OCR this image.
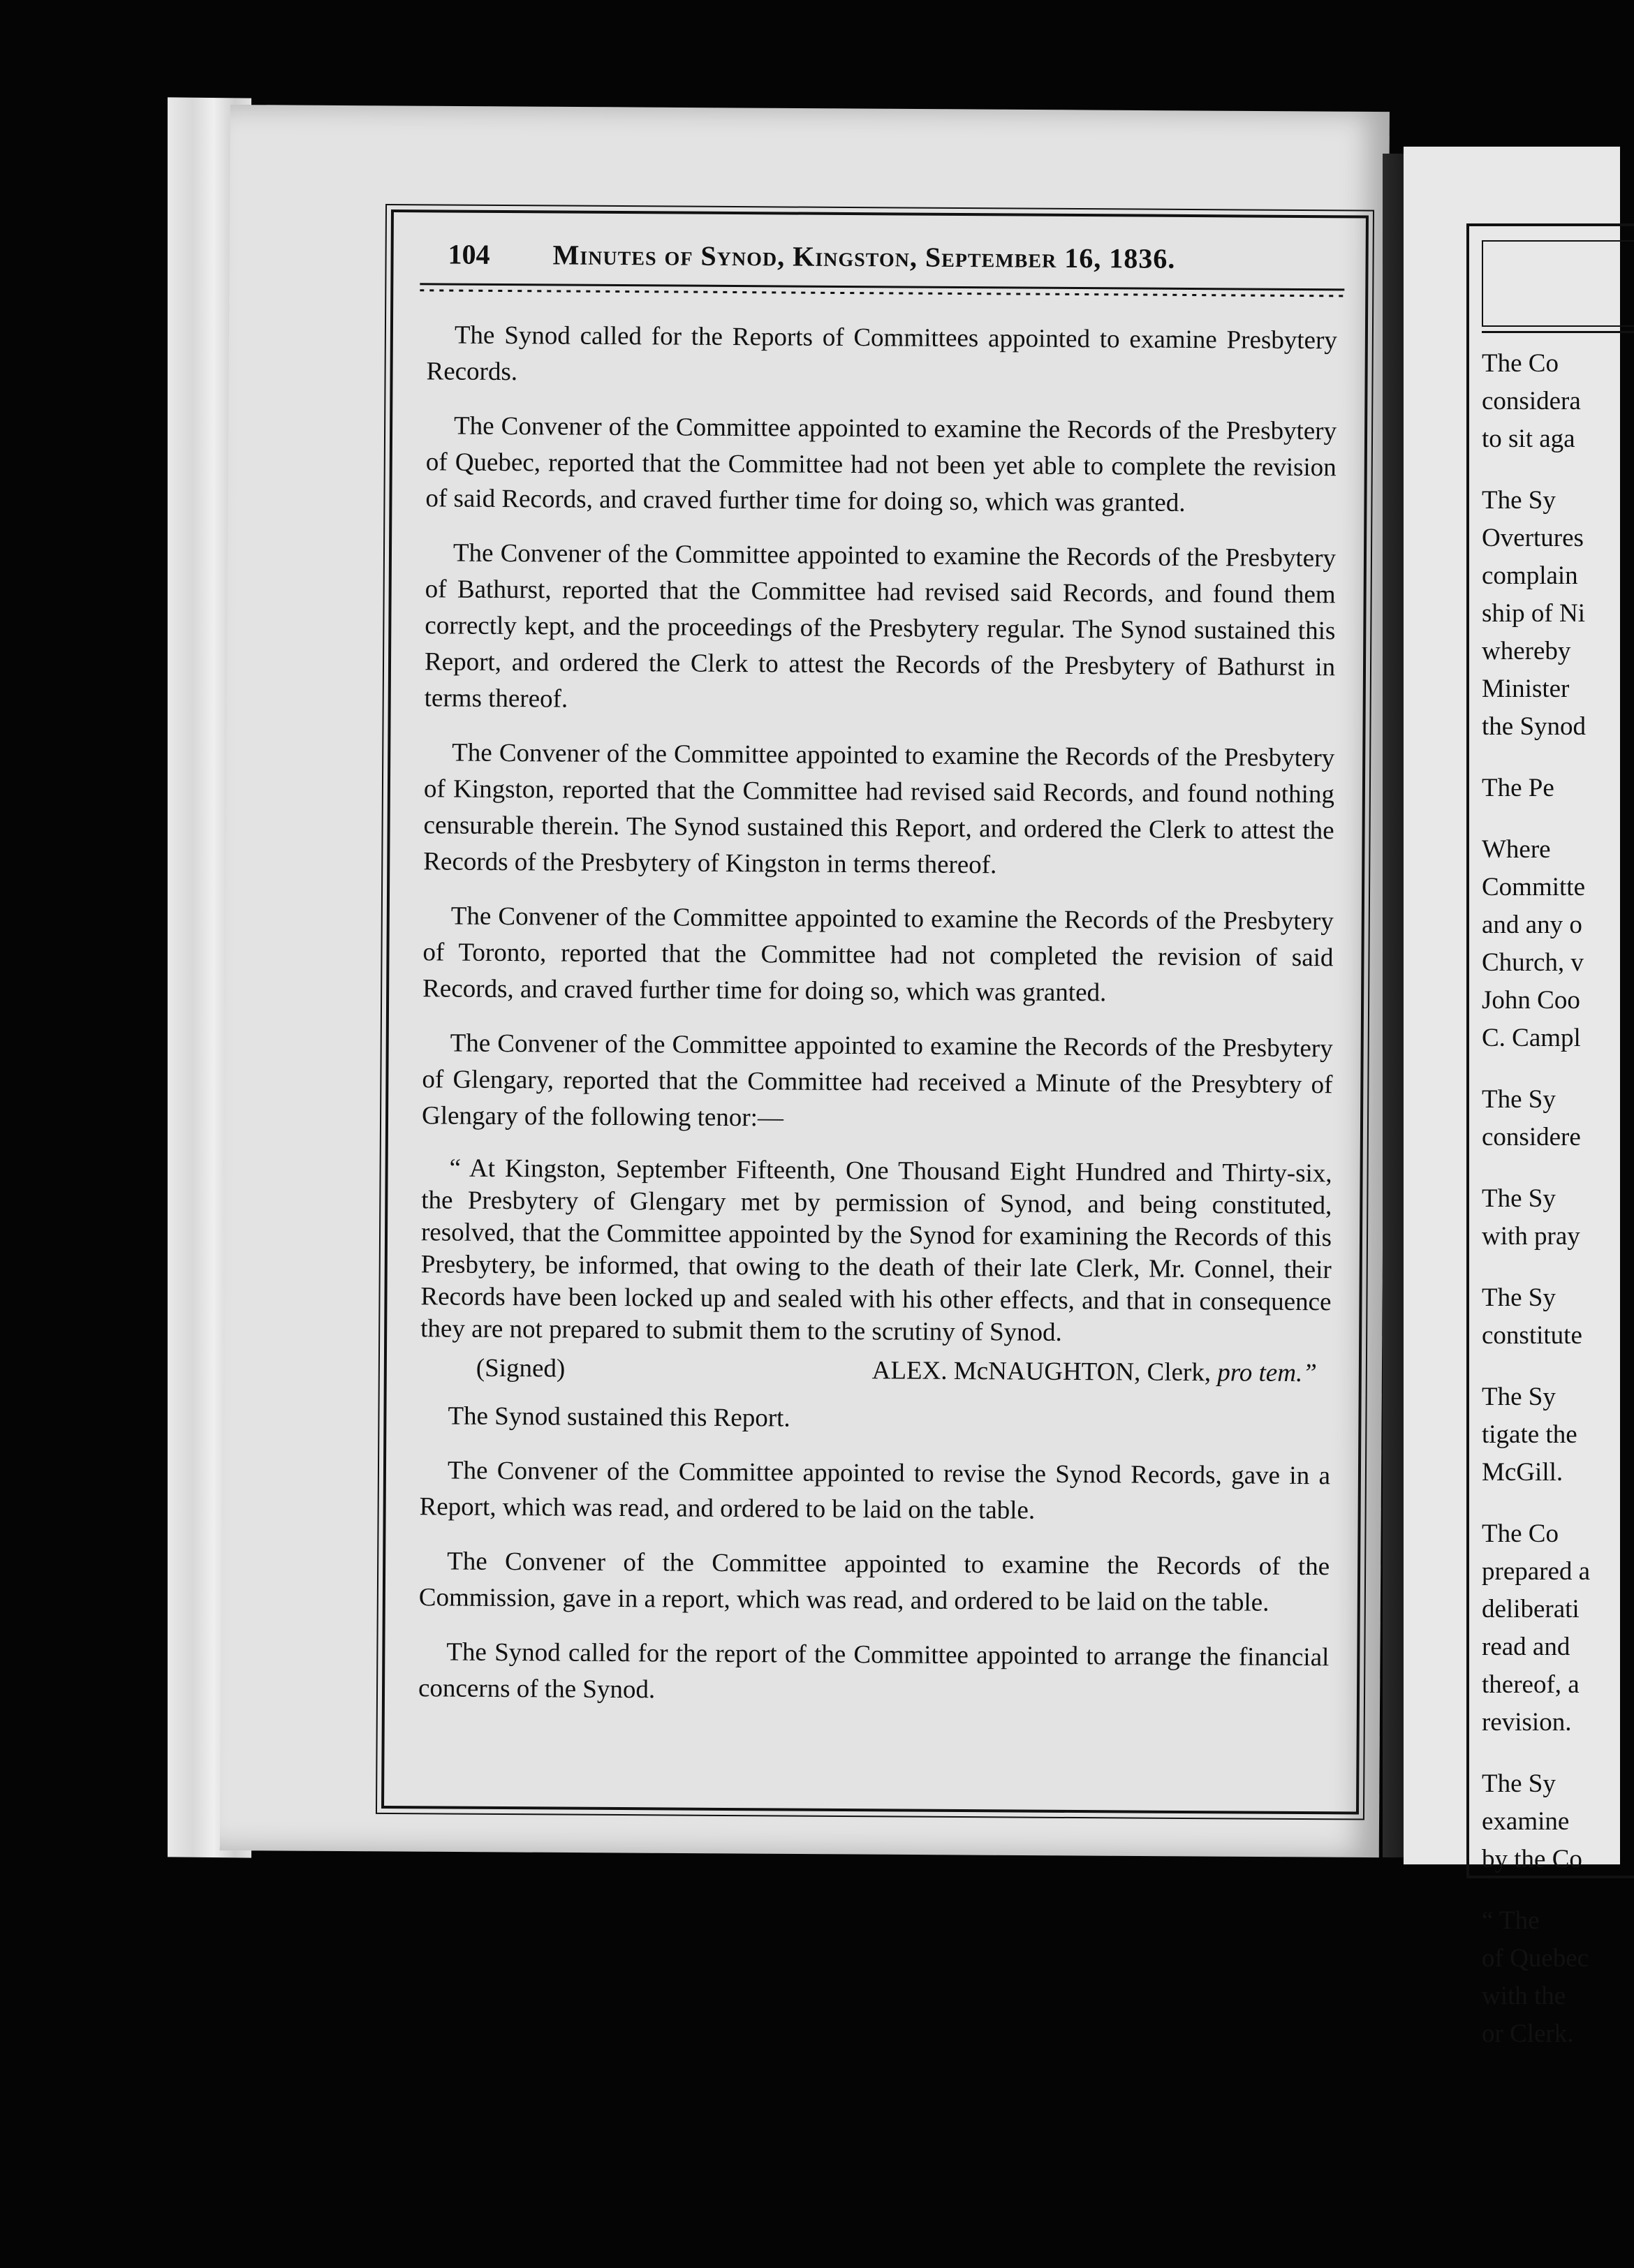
104 Minutes of Synod, Kingston, September 16, 1836.

The Synod called for the Reports of Committees appointed to examine Presbytery Records.

The Convener of the Committee appointed to examine the Records of the Presbytery of Quebec, reported that the Committee had not been yet able to complete the revision of said Records, and craved further time for doing so, which was granted.

The Convener of the Committee appointed to examine the Records of the Presbytery of Bathurst, reported that the Committee had revised said Records, and found them correctly kept, and the proceedings of the Presbytery regular. The Synod sustained this Report, and ordered the Clerk to attest the Records of the Presbytery of Bathurst in terms thereof.

The Convener of the Committee appointed to examine the Records of the Presbytery of Kingston, reported that the Committee had revised said Records, and found nothing censurable therein. The Synod sustained this Report, and ordered the Clerk to attest the Records of the Presbytery of Kingston in terms thereof.

The Convener of the Committee appointed to examine the Records of the Presbytery of Toronto, reported that the Committee had not completed the revision of said Records, and craved further time for doing so, which was granted.

The Convener of the Committee appointed to examine the Records of the Presbytery of Glengary, reported that the Committee had received a Minute of the Presybtery of Glengary of the following tenor:—

“ At Kingston, September Fifteenth, One Thousand Eight Hundred and Thirty-six, the Presbytery of Glengary met by permission of Synod, and being constituted, resolved, that the Committee appointed by the Synod for examining the Records of this Presbytery, be informed, that owing to the death of their late Clerk, Mr. Connel, their Records have been locked up and sealed with his other effects, and that in consequence they are not prepared to submit them to the scrutiny of Synod.

(Signed)	ALEX. McNAUGHTON, Clerk, pro tem.”

The Synod sustained this Report.

The Convener of the Committee appointed to revise the Synod Records, gave in a Report, which was read, and ordered to be laid on the table.

The Convener of the Committee appointed to examine the Records of the Commission, gave in a report, which was read, and ordered to be laid on the table.

The Synod called for the report of the Committee appointed to arrange the financial concerns of the Synod.

The Co
considera
to sit aga
The Sy
Overtures
complain
ship of Ni
whereby
Minister
the Synod
The Pe
Where
Committe
and any o
Church, v
John Coo
C. Campl
The Sy
considere
The Sy
with pray
The Sy
constitute
The Sy
tigate the
McGill.
The Co
prepared a
deliberati
read and
thereof, a
revision.
The Sy
examine
by the Co
“ The
of Quebec
with the
or Clerk.
